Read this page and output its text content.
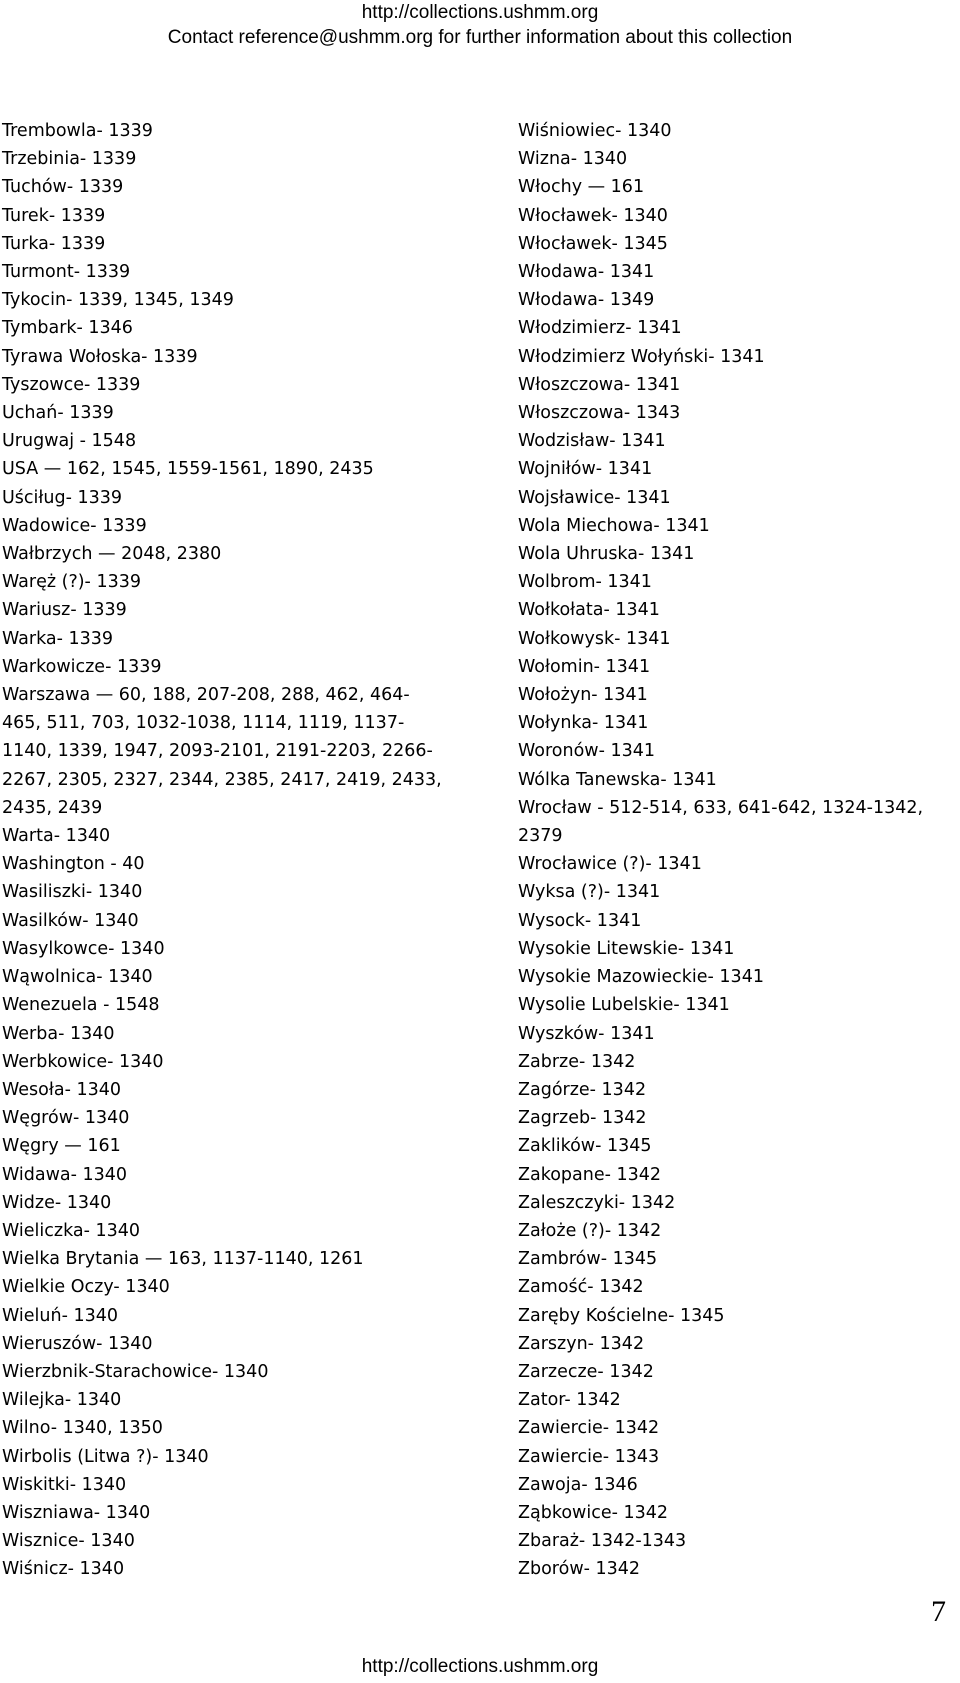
http://collections.ushmm.org
Contact reference@ushmm.org for further information about this collection
Trembowla- 1339
Trzebinia- 1339
Tuchów- 1339
Turek- 1339
Turka- 1339
Turmont- 1339
Tykocin- 1339, 1345, 1349
Tymbark- 1346
Tyrawa Wołoska- 1339
Tyszowce- 1339
Uchań- 1339
Urugwaj - 1548
USA — 162, 1545, 1559-1561, 1890, 2435
Uściług- 1339
Wadowice- 1339
Wałbrzych — 2048, 2380
Waręż (?)- 1339
Wariusz- 1339
Warka- 1339
Warkowicze- 1339
Warszawa — 60, 188, 207-208, 288, 462, 464-465, 511, 703, 1032-1038, 1114, 1119, 1137-1140, 1339, 1947, 2093-2101, 2191-2203, 2266-2267, 2305, 2327, 2344, 2385, 2417, 2419, 2433, 2435, 2439
Warta- 1340
Washington - 40
Wasiliszki- 1340
Wasilków- 1340
Wasylkowce- 1340
Wąwolnica- 1340
Wenezuela - 1548
Werba- 1340
Werbkowice- 1340
Wesoła- 1340
Węgrów- 1340
Węgry — 161
Widawa- 1340
Widze- 1340
Wieliczka- 1340
Wielka Brytania — 163, 1137-1140, 1261
Wielkie Oczy- 1340
Wieluń- 1340
Wieruszów- 1340
Wierzbnik-Starachowice- 1340
Wilejka- 1340
Wilno- 1340, 1350
Wirbolis (Litwa ?)- 1340
Wiskitki- 1340
Wiszniawa- 1340
Wisznice- 1340
Wiśnicz- 1340
Wiśniowiec- 1340
Wizna- 1340
Włochy — 161
Włocławek- 1340
Włocławek- 1345
Włodawa- 1341
Włodawa- 1349
Włodzimierz- 1341
Włodzimierz Wołyński- 1341
Włoszczowa- 1341
Włoszczowa- 1343
Wodzisław- 1341
Wojniłów- 1341
Wojsławice- 1341
Wola Miechowa- 1341
Wola Uhruska- 1341
Wolbrom- 1341
Wołkołata- 1341
Wołkowysk- 1341
Wołomin- 1341
Wołożyn- 1341
Wołynka- 1341
Woronów- 1341
Wólka Tanewska- 1341
Wrocław - 512-514, 633, 641-642, 1324-1342, 2379
Wrocławice (?)- 1341
Wyksa (?)- 1341
Wysock- 1341
Wysokie Litewskie- 1341
Wysokie Mazowieckie- 1341
Wysolie Lubelskie- 1341
Wyszków- 1341
Zabrze- 1342
Zagórze- 1342
Zagrzeb- 1342
Zaklików- 1345
Zakopane- 1342
Zaleszczyki- 1342
Założe (?)- 1342
Zambrów- 1345
Zamość- 1342
Zaręby Kościelne- 1345
Zarszyn- 1342
Zarzecze- 1342
Zator- 1342
Zawiercie- 1342
Zawiercie- 1343
Zawoja- 1346
Ząbkowice- 1342
Zbaraż- 1342-1343
Zborów- 1342
7
http://collections.ushmm.org
